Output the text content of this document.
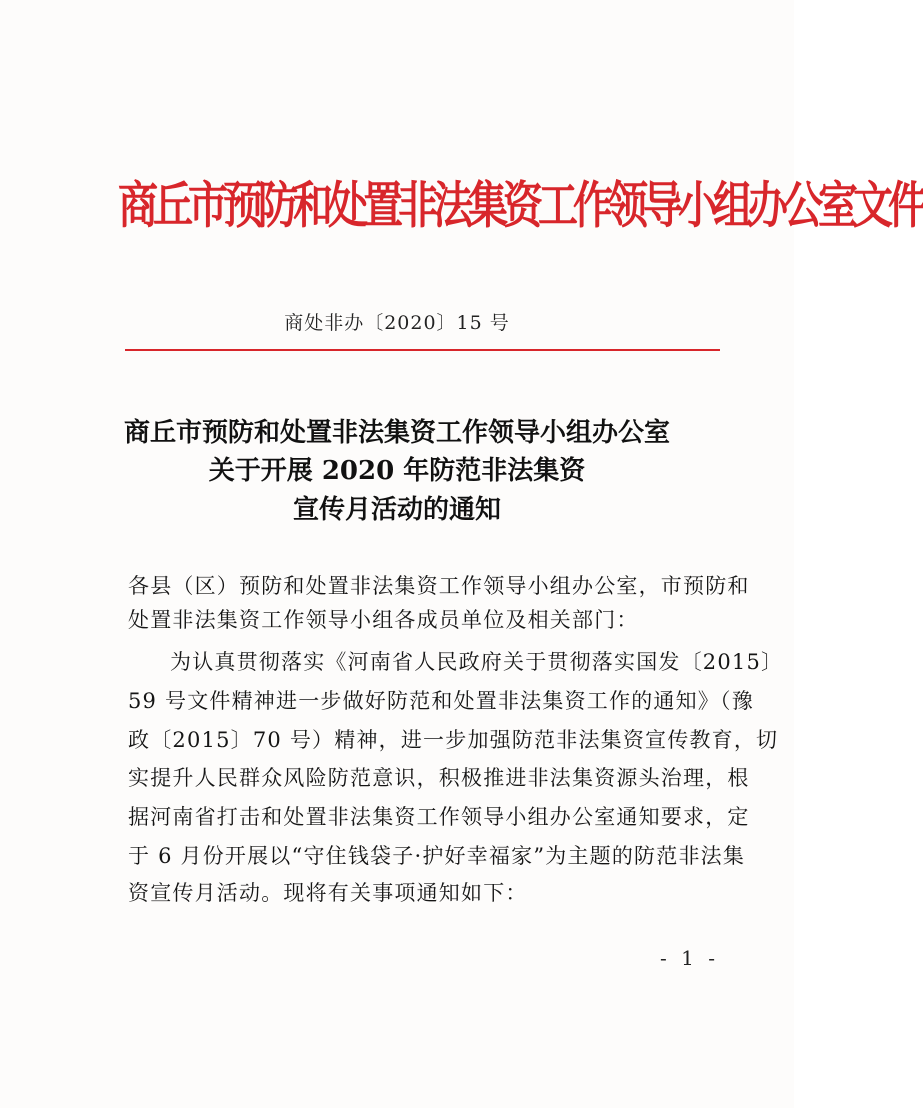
商丘市预防和处置非法集资工作领导小组办公室文件
商处非办〔2020〕15 号
商丘市预防和处置非法集资工作领导小组办公室
关于开展 2020 年防范非法集资
宣传月活动的通知
各县（区）预防和处置非法集资工作领导小组办公室，市预防和
处置非法集资工作领导小组各成员单位及相关部门：
为认真贯彻落实《河南省人民政府关于贯彻落实国发〔2015〕
59 号文件精神进一步做好防范和处置非法集资工作的通知》（豫
政〔2015〕70 号）精神，进一步加强防范非法集资宣传教育，切
实提升人民群众风险防范意识，积极推进非法集资源头治理，根
据河南省打击和处置非法集资工作领导小组办公室通知要求，定
于 6 月份开展以“守住钱袋子·护好幸福家”为主题的防范非法集
资宣传月活动。现将有关事项通知如下：
- 1 -
